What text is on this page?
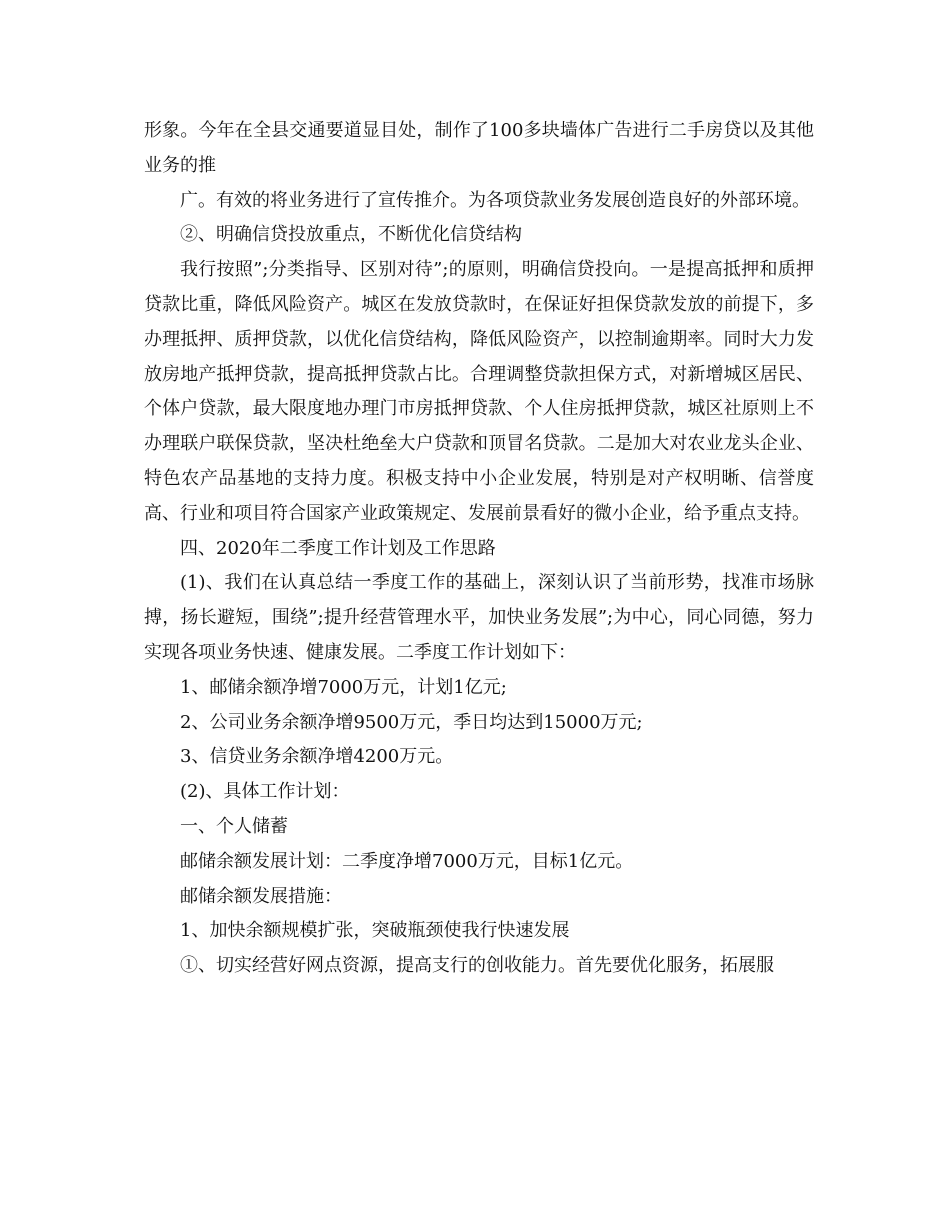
形象。今年在全县交通要道显目处，制作了100多块墙体广告进行二手房贷以及其他业务的推

广。有效的将业务进行了宣传推介。为各项贷款业务发展创造良好的外部环境。

②、明确信贷投放重点，不断优化信贷结构

我行按照”;分类指导、区别对待”;的原则，明确信贷投向。一是提高抵押和质押贷款比重，降低风险资产。城区在发放贷款时，在保证好担保贷款发放的前提下，多办理抵押、质押贷款，以优化信贷结构，降低风险资产，以控制逾期率。同时大力发放房地产抵押贷款，提高抵押贷款占比。合理调整贷款担保方式，对新增城区居民、个体户贷款，最大限度地办理门市房抵押贷款、个人住房抵押贷款，城区社原则上不办理联户联保贷款，坚决杜绝垒大户贷款和顶冒名贷款。二是加大对农业龙头企业、特色农产品基地的支持力度。积极支持中小企业发展，特别是对产权明晰、信誉度高、行业和项目符合国家产业政策规定、发展前景看好的微小企业，给予重点支持。

四、2020年二季度工作计划及工作思路

(1)、我们在认真总结一季度工作的基础上，深刻认识了当前形势，找准市场脉搏，扬长避短，围绕”;提升经营管理水平，加快业务发展”;为中心，同心同德，努力实现各项业务快速、健康发展。二季度工作计划如下：

1、邮储余额净增7000万元，计划1亿元;

2、公司业务余额净增9500万元，季日均达到15000万元;

3、信贷业务余额净增4200万元。

(2)、具体工作计划：

一、个人储蓄

邮储余额发展计划：二季度净增7000万元，目标1亿元。

邮储余额发展措施：

1、加快余额规模扩张，突破瓶颈使我行快速发展

①、切实经营好网点资源，提高支行的创收能力。首先要优化服务，拓展服
